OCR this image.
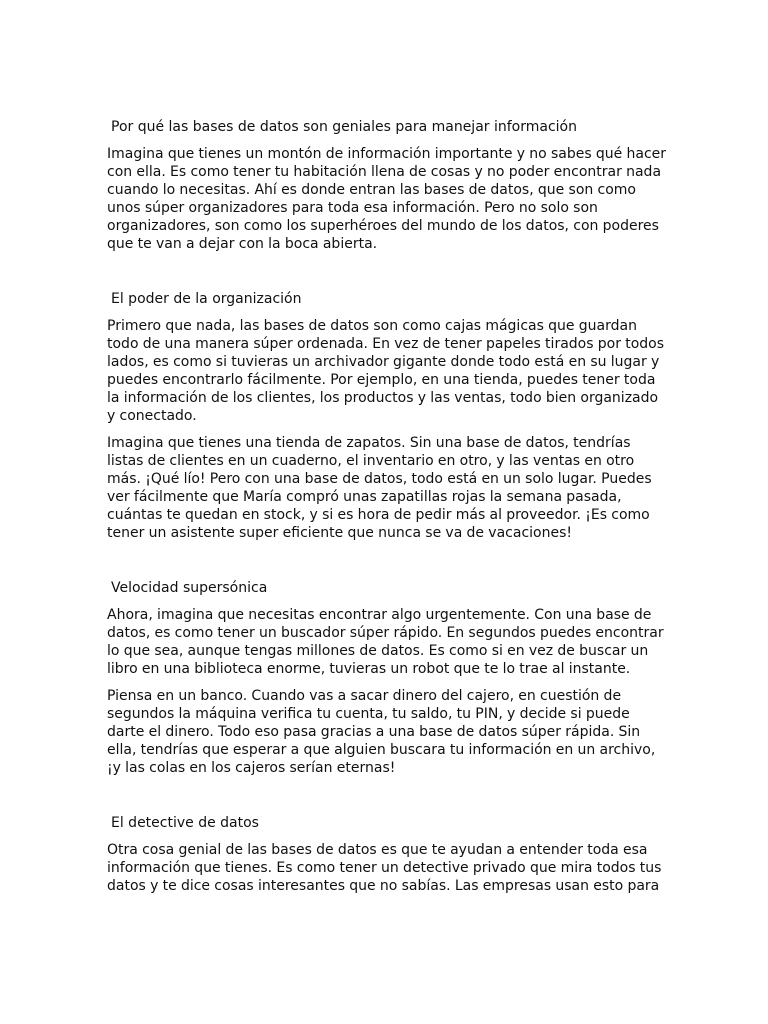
Por qué las bases de datos son geniales para manejar información

Imagina que tienes un montón de información importante y no sabes qué hacer con ella. Es como tener tu habitación llena de cosas y no poder encontrar nada cuando lo necesitas. Ahí es donde entran las bases de datos, que son como unos súper organizadores para toda esa información. Pero no solo son organizadores, son como los superhéroes del mundo de los datos, con poderes que te van a dejar con la boca abierta.

El poder de la organización

Primero que nada, las bases de datos son como cajas mágicas que guardan todo de una manera súper ordenada. En vez de tener papeles tirados por todos lados, es como si tuvieras un archivador gigante donde todo está en su lugar y puedes encontrarlo fácilmente. Por ejemplo, en una tienda, puedes tener toda la información de los clientes, los productos y las ventas, todo bien organizado y conectado.

Imagina que tienes una tienda de zapatos. Sin una base de datos, tendrías listas de clientes en un cuaderno, el inventario en otro, y las ventas en otro más. ¡Qué lío! Pero con una base de datos, todo está en un solo lugar. Puedes ver fácilmente que María compró unas zapatillas rojas la semana pasada, cuántas te quedan en stock, y si es hora de pedir más al proveedor. ¡Es como tener un asistente super eficiente que nunca se va de vacaciones!

Velocidad supersónica

Ahora, imagina que necesitas encontrar algo urgentemente. Con una base de datos, es como tener un buscador súper rápido. En segundos puedes encontrar lo que sea, aunque tengas millones de datos. Es como si en vez de buscar un libro en una biblioteca enorme, tuvieras un robot que te lo trae al instante.

Piensa en un banco. Cuando vas a sacar dinero del cajero, en cuestión de segundos la máquina verifica tu cuenta, tu saldo, tu PIN, y decide si puede darte el dinero. Todo eso pasa gracias a una base de datos súper rápida. Sin ella, tendrías que esperar a que alguien buscara tu información en un archivo, ¡y las colas en los cajeros serían eternas!

El detective de datos

Otra cosa genial de las bases de datos es que te ayudan a entender toda esa información que tienes. Es como tener un detective privado que mira todos tus datos y te dice cosas interesantes que no sabías. Las empresas usan esto para
